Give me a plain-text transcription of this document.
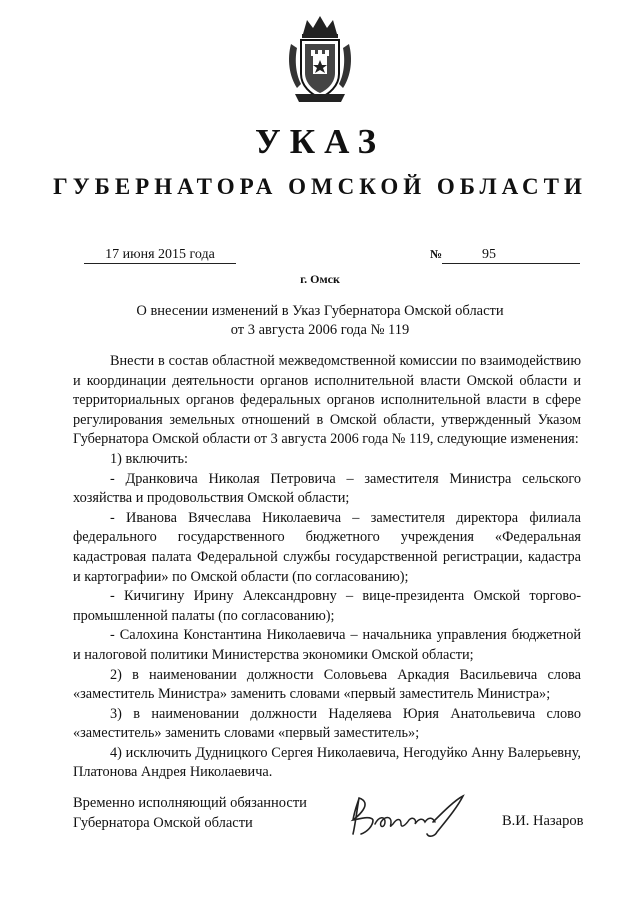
УКАЗ
ГУБЕРНАТОРА ОМСКОЙ ОБЛАСТИ
17 июня 2015 года	№	95
г. Омск
О внесении изменений в Указ Губернатора Омской области
от 3 августа 2006 года № 119

Внести в состав областной межведомственной комиссии по взаимодействию и координации деятельности органов исполнительной власти Омской области и территориальных органов федеральных органов исполнительной власти в сфере регулирования земельных отношений в Омской области, утвержденный Указом Губернатора Омской области от 3 августа 2006 года № 119, следующие изменения:

1) включить:

- Дранковича Николая Петровича – заместителя Министра сельского хозяйства и продовольствия Омской области;

- Иванова Вячеслава Николаевича – заместителя директора филиала федерального государственного бюджетного учреждения «Федеральная кадастровая палата Федеральной службы государственной регистрации, кадастра и картографии» по Омской области (по согласованию);

- Кичигину Ирину Александровну – вице-президента Омской торгово-промышленной палаты (по согласованию);

- Салохина Константина Николаевича – начальника управления бюджетной и налоговой политики Министерства экономики Омской области;

2) в наименовании должности Соловьева Аркадия Васильевича слова «заместитель Министра» заменить словами «первый заместитель Министра»;

3) в наименовании должности Наделяева Юрия Анатольевича слово «заместитель» заменить словами «первый заместитель»;

4) исключить Дудницкого Сергея Николаевича, Негодуйко Анну Валерьевну, Платонова Андрея Николаевича.

Временно исполняющий обязанности
Губернатора Омской области	В.И. Назаров
